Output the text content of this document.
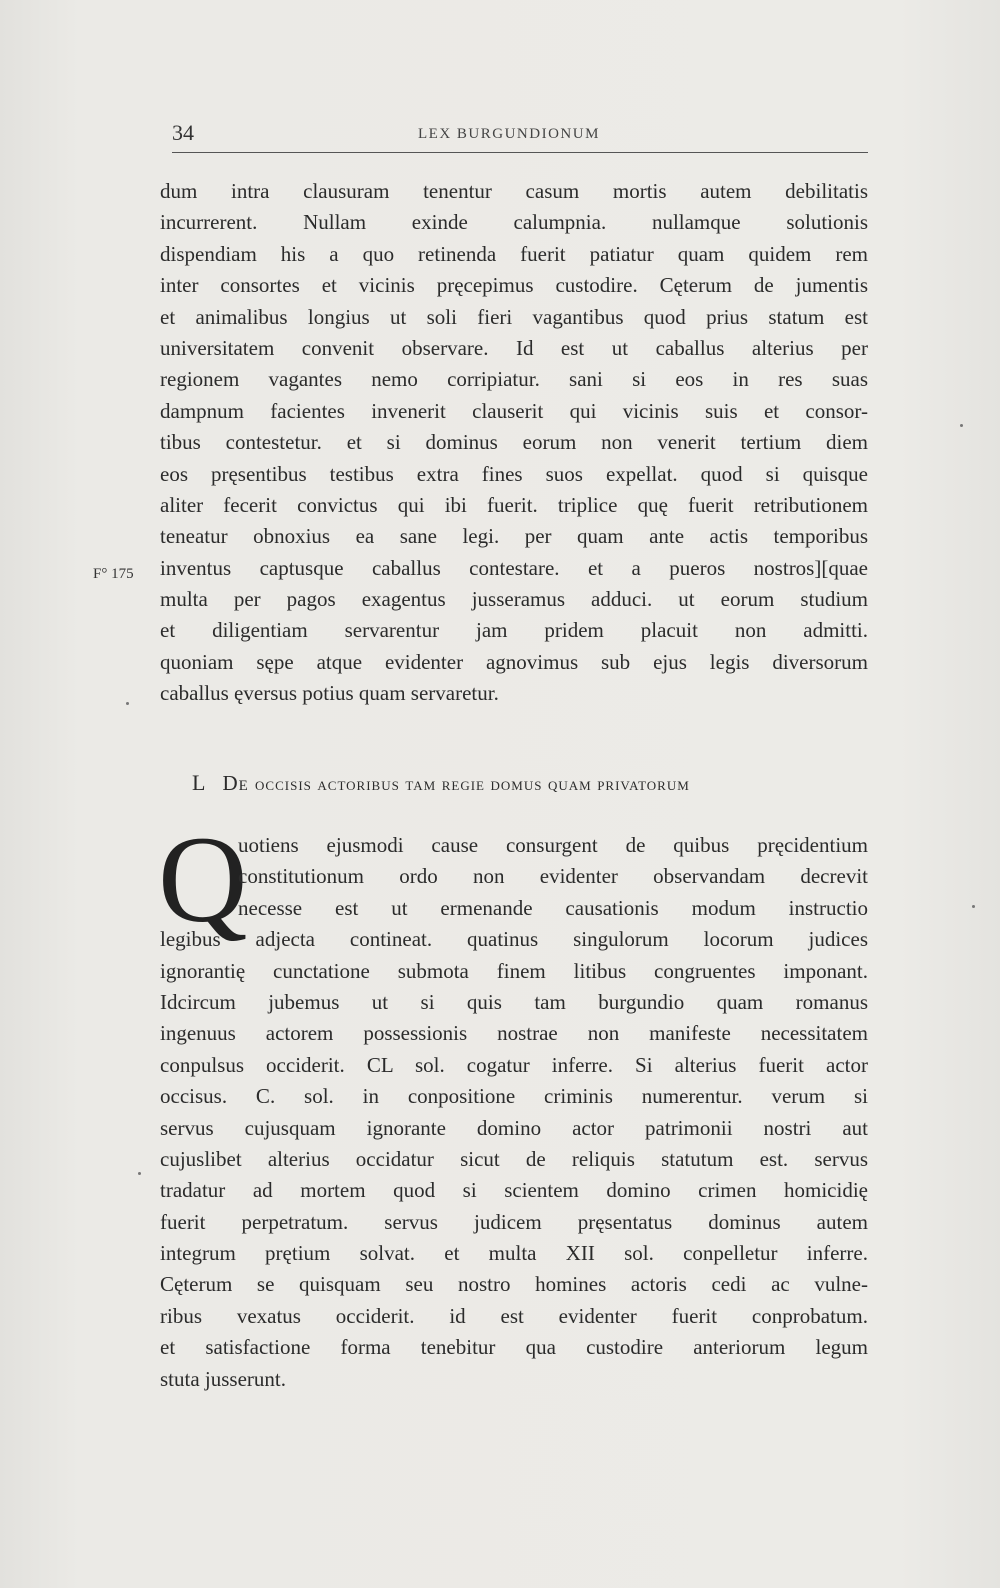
34	LEX BURGUNDIONUM
dum intra clausuram tenentur casum mortis autem debilitatis
incurrerent. Nullam exinde calumpnia. nullamque solutionis
dispendiam his a quo retinenda fuerit patiatur quam quidem rem
inter consortes et vicinis pręcepimus custodire. Cęterum de jumentis
et animalibus longius ut soli fieri vagantibus quod prius statum est
universitatem convenit observare. Id est ut caballus alterius per
regionem vagantes nemo corripiatur. sani si eos in res suas
dampnum facientes invenerit clauserit qui vicinis suis et consor-
tibus contestetur. et si dominus eorum non venerit tertium diem
eos pręsentibus testibus extra fines suos expellat. quod si quisque
aliter fecerit convictus qui ibi fuerit. triplice quę fuerit retributionem
teneatur obnoxius ea sane legi. per quam ante actis temporibus
inventus captusque caballus contestare. et a pueros nostros][quae
multa per pagos exagentus jusseramus adduci. ut eorum studium
et diligentiam servarentur jam pridem placuit non admitti.
quoniam sępe atque evidenter agnovimus sub ejus legis diversorum
caballus ęversus potius quam servaretur.
F° 175
L De occisis actoribus tam regie domus quam privatorum
Q
uotiens ejusmodi cause consurgent de quibus pręcidentium
constitutionum ordo non evidenter observandam decrevit
necesse est ut ermenande causationis modum instructio
legibus adjecta contineat. quatinus singulorum locorum judices
ignorantię cunctatione submota finem litibus congruentes imponant.
Idcircum jubemus ut si quis tam burgundio quam romanus
ingenuus actorem possessionis nostrae non manifeste necessitatem
conpulsus occiderit. CL sol. cogatur inferre. Si alterius fuerit actor
occisus. C. sol. in conpositione criminis numerentur. verum si
servus cujusquam ignorante domino actor patrimonii nostri aut
cujuslibet alterius occidatur sicut de reliquis statutum est. servus
tradatur ad mortem quod si scientem domino crimen homicidię
fuerit perpetratum. servus judicem pręsentatus dominus autem
integrum prętium solvat. et multa XII sol. conpelletur inferre.
Cęterum se quisquam seu nostro homines actoris cedi ac vulne-
ribus vexatus occiderit. id est evidenter fuerit conprobatum.
et satisfactione forma tenebitur qua custodire anteriorum legum
stuta jusserunt.
